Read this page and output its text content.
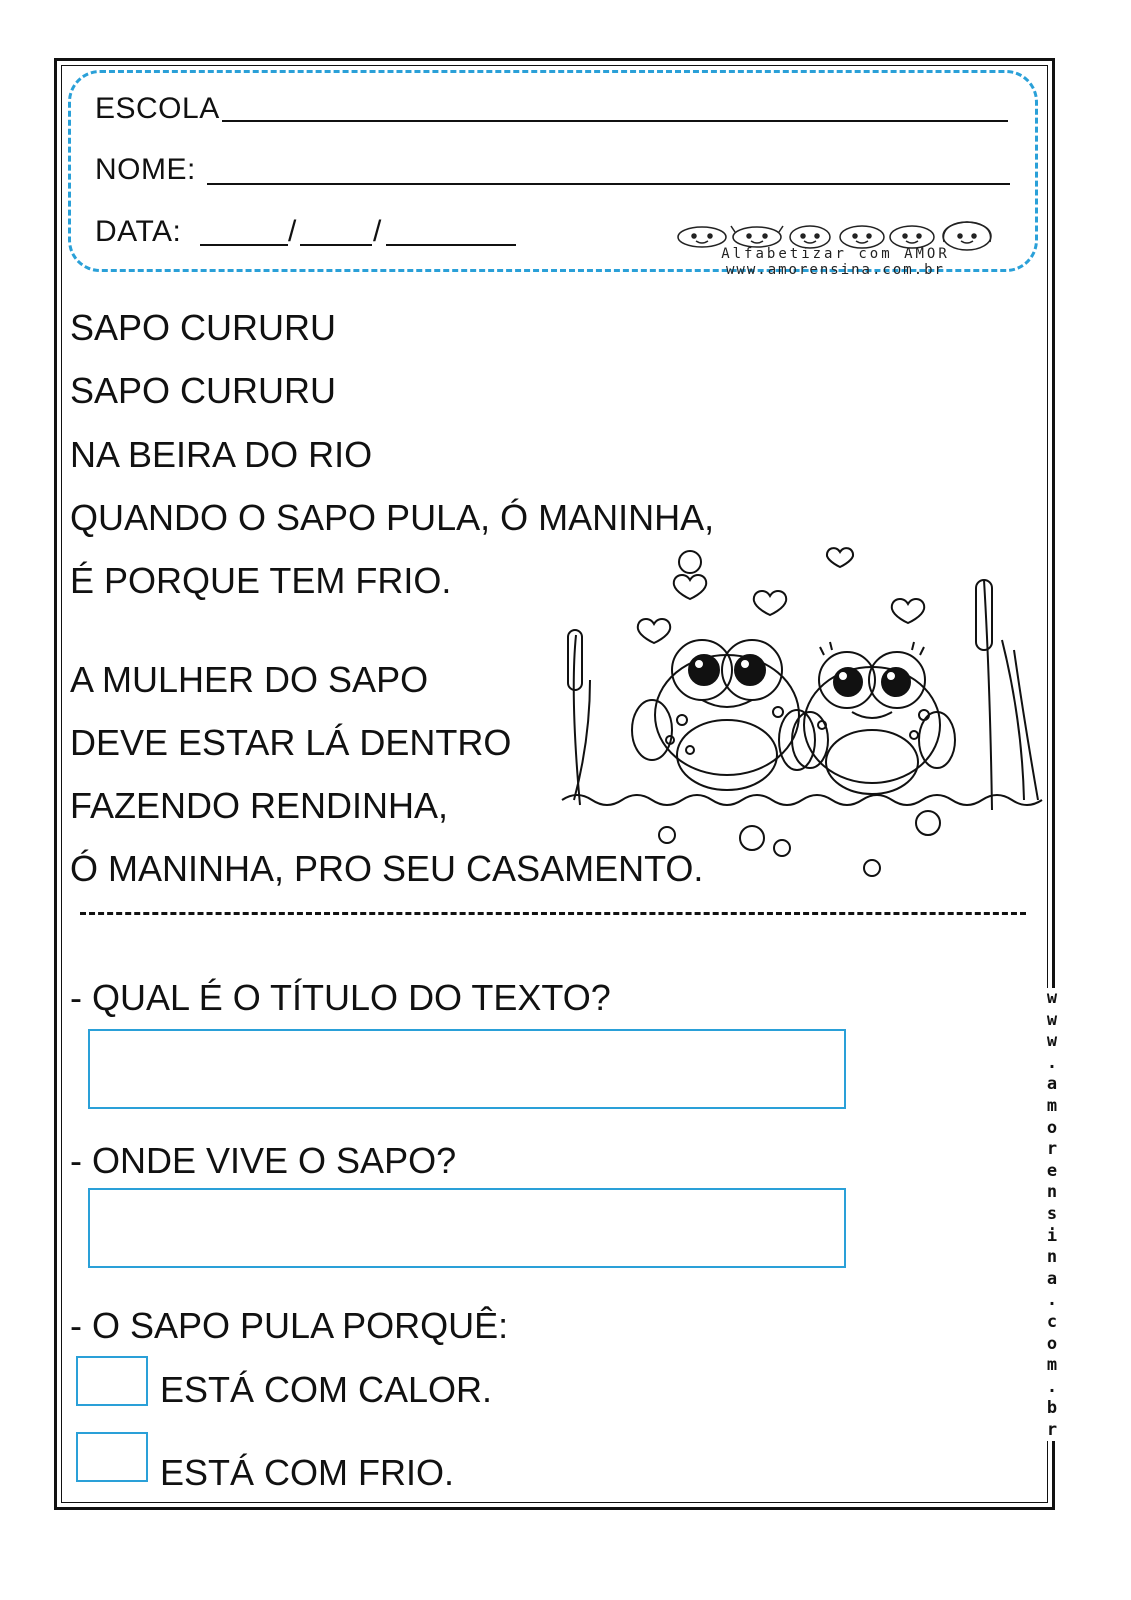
ESCOLA
NOME:
DATA:	/	/
Alfabetizar com AMOR
www.amorensina.com.br
SAPO CURURU
SAPO CURURU
NA BEIRA DO RIO
QUANDO O SAPO PULA, Ó MANINHA,
É PORQUE TEM FRIO.
A MULHER DO SAPO
DEVE ESTAR LÁ DENTRO
FAZENDO RENDINHA,
Ó MANINHA, PRO SEU CASAMENTO.
- QUAL É O TÍTULO DO TEXTO?
- ONDE VIVE O SAPO?
- O SAPO PULA PORQUÊ:
ESTÁ COM CALOR.
ESTÁ COM FRIO.
w
w
w
.
a
m
o
r
e
n
s
i
n
a
.
c
o
m
.
b
r
